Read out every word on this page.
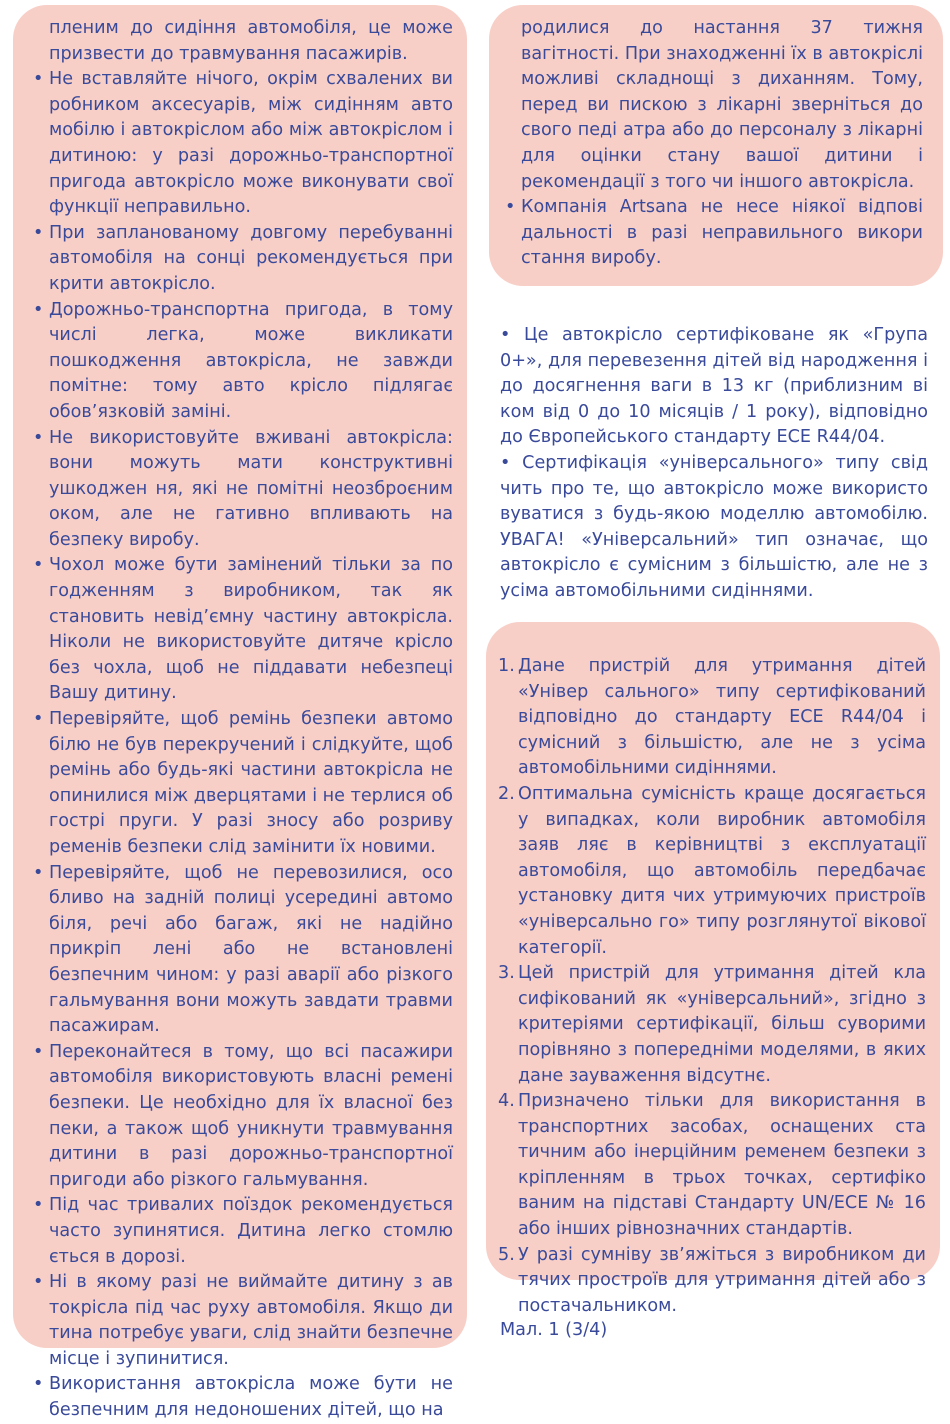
пленим до сидіння автомобіля, це може призвести до травмування пасажирів.
• Не вставляйте нічого, окрім схвалених ви робником аксесуарів, між сидінням авто мобілю і автокріслом або між автокріслом і дитиною: у разі дорожньо-транспортної пригода автокрісло може виконувати свої функції неправильно.
• При запланованому довгому перебуванні автомобіля на сонці рекомендується при крити автокрісло.
• Дорожньо-транспортна пригода, в тому числі легка, може викликати пошкодження автокрісла, не завжди помітне: тому авто крісло підлягає обов’язковій заміні.
• Не використовуйте вживані автокрісла: вони можуть мати конструктивні ушкоджен ня, які не помітні неозброєним оком, але не гативно впливають на безпеку виробу.
• Чохол може бути замінений тільки за по годженням з виробником, так як становить невід’ємну частину автокрісла. Ніколи не використовуйте дитяче крісло без чохла, щоб не піддавати небезпеці Вашу дитину.
• Перевіряйте, щоб ремінь безпеки автомо білю не був перекручений і слідкуйте, щоб ремінь або будь-які частини автокрісла не опинилися між дверцятами і не терлися об гострі пруги. У разі зносу або розриву ременів безпеки слід замінити їх новими.
• Перевіряйте, щоб не перевозилися, осо бливо на задній полиці усередині автомо біля, речі або багаж, які не надійно прикріп лені або не встановлені безпечним чином: у разі аварії або різкого гальмування вони можуть завдати травми пасажирам.
• Переконайтеся в тому, що всі пасажири автомобіля використовують власні ремені безпеки. Це необхідно для їх власної без пеки, а також щоб уникнути травмування дитини в разі дорожньо-транспортної пригоди або різкого гальмування.
• Під час тривалих поїздок рекомендується часто зупинятися. Дитина легко стомлю ється в дорозі.
• Ні в якому разі не виймайте дитину з ав токрісла під час руху автомобіля. Якщо ди тина потребує уваги, слід знайти безпечне місце і зупинитися.
• Використання автокрісла може бути не безпечним для недоношених дітей, що на
родилися до настання 37 тижня вагітності. При знаходженні їх в автокріслі можливі складнощі з диханням. Тому, перед ви пискою з лікарні зверніться до свого педі атра або до персоналу з лікарні для оцінки стану вашої дитини і рекомендації з того чи іншого автокрісла.
• Компанія Artsana не несе ніякої відпові дальності в разі неправильного викори стання виробу.

• Це автокрісло сертифіковане як «Група 0+», для перевезення дітей від народження і до досягнення ваги в 13 кг (приблизним ві ком від 0 до 10 місяців / 1 року), відповідно до Європейського стандарту ECE R44/04.

• Сертифікація «універсального» типу свід чить про те, що автокрісло може використо вуватися з будь-якою моделлю автомобілю. УВАГА! «Універсальний» тип означає, що автокрісло є сумісним з більшістю, але не з усіма автомобільними сидіннями.

1. Дане пристрій для утримання дітей «Універ сального» типу сертифікований відповідно до стандарту ECE R44/04 і сумісний з більшістю, але не з усіма автомобільними сидіннями.
2. Оптимальна сумісність краще досягається у випадках, коли виробник автомобіля заяв ляє в керівництві з експлуатації автомобіля, що автомобіль передбачає установку дитя чих утримуючих пристроїв «універсально го» типу розглянутої вікової категорії.
3. Цей пристрій для утримання дітей кла сифікований як «універсальний», згідно з критеріями сертифікації, більш суворими порівняно з попередніми моделями, в яких дане зауваження відсутнє.
4. Призначено тільки для використання в транспортних засобах, оснащених ста тичним або інерційним ременем безпеки з кріпленням в трьох точках, сертифіко ваним на підставі Стандарту UN/ECE № 16 або інших рівнозначних стандартів.
5. У разі сумніву зв’яжіться з виробником ди тячих простроїв для утримання дітей або з постачальником.
Мал. 1 (3/4)
